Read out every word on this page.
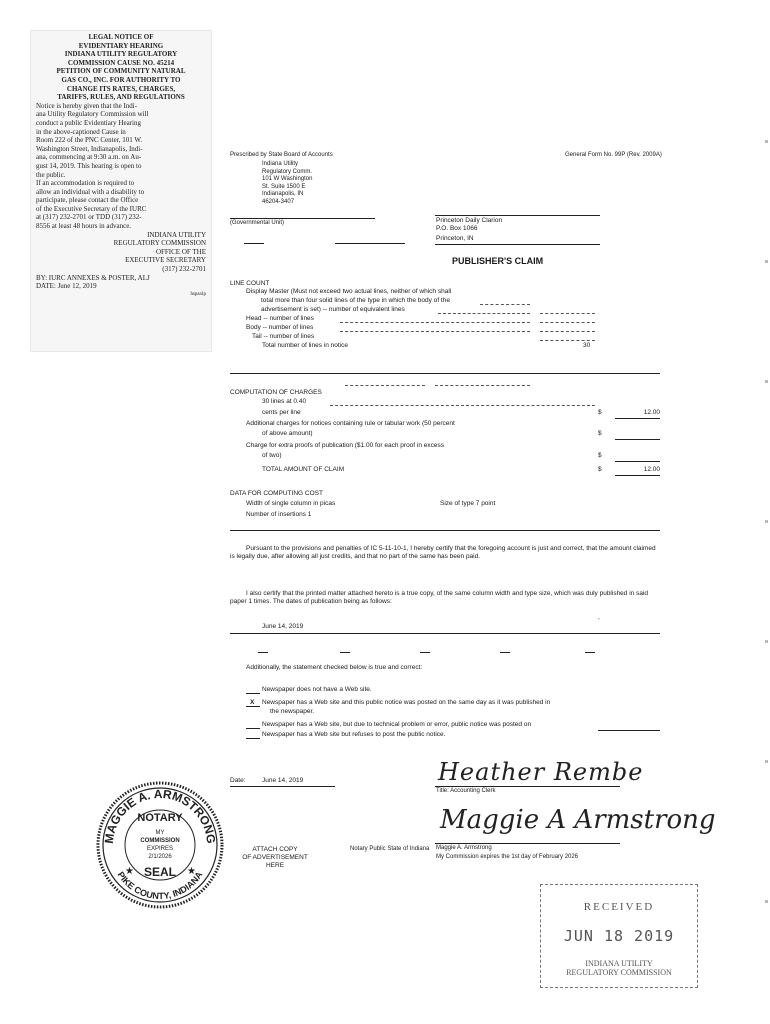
LEGAL NOTICE OF

EVIDENTIARY HEARING

INDIANA UTILITY REGULATORY

COMMISSION CAUSE NO. 45214

PETITION OF COMMUNITY NATURAL

GAS CO., INC. FOR AUTHORITY TO

CHANGE ITS RATES, CHARGES,

TARIFFS, RULES, AND REGULATIONS

Notice is hereby given that the Indi-

ana Utility Regulatory Commission will

conduct a public Evidentiary Hearing

in the above-captioned Cause in

Room 222 of the PNC Center, 101 W.

Washington Street, Indianapolis, Indi-

ana, commencing at 9:30 a.m. on Au-

gust 14, 2019. This hearing is open to

the public.

If an accommodation is required to

allow an individual with a disability to

participate, please contact the Office

of the Executive Secretary of the IURC

at (317) 232-2701 or TDD (317) 232-

8556 at least 48 hours in advance.

INDIANA UTILITY

REGULATORY COMMISSION

OFFICE OF THE

EXECUTIVE SECRETARY

(317) 232-2701

BY: IURC ANNEXES & POSTER, ALJ

DATE: June 12, 2019

hspaxlp

Prescribed by State Board of Accounts
Indiana Utility
Regulatory Comm.
101 W Washington
St. Suite 1500 E
Indianapolis, IN
46204-3407
(Governmental Unit)
General Form No. 99P (Rev. 2009A)
Princeton Daily Clarion
P.O. Box 1066
Princeton, IN
PUBLISHER'S CLAIM
LINE COUNT
Display Master (Must not exceed two actual lines, neither of which shall
total more than four solid lines of the type in which the body of the
advertisement is set) -- number of equivalent lines
Head -- number of lines
Body -- number of lines
Tail -- number of lines
Total number of lines in notice	30
COMPUTATION OF CHARGES
30 lines at 0.40
cents per line	$	12.00
Additional charges for notices containing rule or tabular work (50 percent
of above amount)	$
Charge for extra proofs of publication ($1.00 for each proof in excess
of two)	$
TOTAL AMOUNT OF CLAIM	$	12.00
DATA FOR COMPUTING COST
Width of single column in picas	Size of type 7 point
Number of insertions 1
Pursuant to the provisions and penalties of IC 5-11-10-1, I hereby certify that the foregoing account is just and correct, that the amount claimed is legally due, after allowing all just credits, and that no part of the same has been paid.
I also certify that the printed matter attached hereto is a true copy, of the same column width and type size, which was duly published in said paper 1 times. The dates of publication being as follows:
June 14, 2019
,
Additionally, the statement checked below is true and correct:
Newspaper does not have a Web site.
X Newspaper has a Web site and this public notice was posted on the same day as it was published in
the newspaper.
Newspaper has a Web site, but due to technical problem or error, public notice was posted on
Newspaper has a Web site but refuses to post the public notice.
Date:	June 14, 2019	Heather Rembe
Title: Accounting Clerk
Maggie A Armstrong
Maggie A. Armstrong
My Commission expires the 1st day of February 2026
Notary Public State of Indiana
ATTACH COPY
OF ADVERTISEMENT
HERE
MAGGIE A. ARMSTRONG
PIKE COUNTY, INDIANA
NOTARY
MY
COMMISSION
EXPIRES
2/1/2026
SEAL
★	★
RECEIVED
JUN 18 2019
INDIANA UTILITY
REGULATORY COMMISSION
